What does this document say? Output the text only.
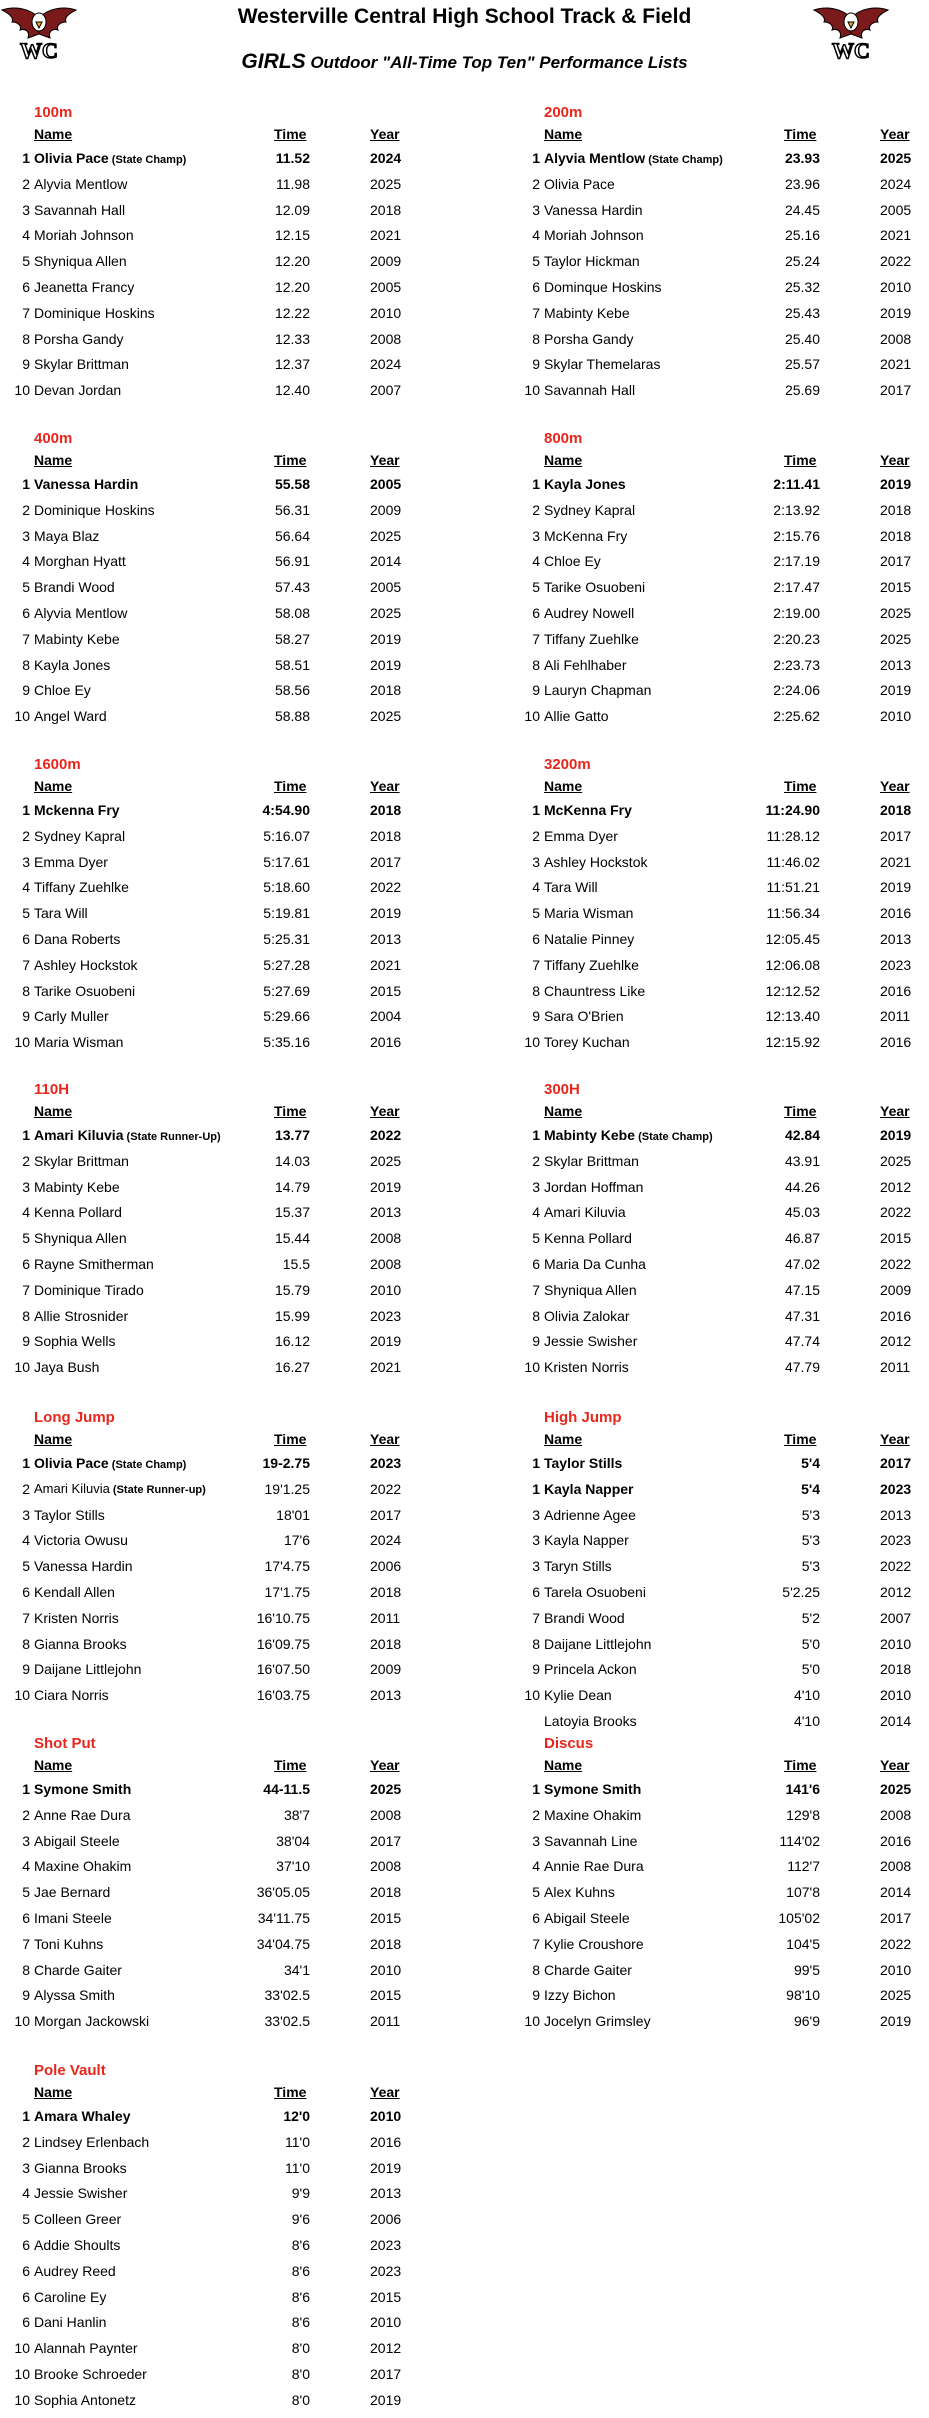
Westerville Central High School Track & Field
GIRLS Outdoor "All-Time Top Ten" Performance Lists
WC	WC
100m
Name	Time	Year
1 Olivia Pace (State Champ)	11.52	2024
2 Alyvia Mentlow	11.98	2025
3 Savannah Hall	12.09	2018
4 Moriah Johnson	12.15	2021
5 Shyniqua Allen	12.20	2009
6 Jeanetta Francy	12.20	2005
7 Dominique Hoskins	12.22	2010
8 Porsha Gandy	12.33	2008
9 Skylar Brittman	12.37	2024
10 Devan Jordan	12.40	2007
200m
Name	Time	Year
1 Alyvia Mentlow (State Champ)	23.93	2025
2 Olivia Pace	23.96	2024
3 Vanessa Hardin	24.45	2005
4 Moriah Johnson	25.16	2021
5 Taylor Hickman	25.24	2022
6 Dominque Hoskins	25.32	2010
7 Mabinty Kebe	25.43	2019
8 Porsha Gandy	25.40	2008
9 Skylar Themelaras	25.57	2021
10 Savannah Hall	25.69	2017
400m
Name	Time	Year
1 Vanessa Hardin	55.58	2005
2 Dominique Hoskins	56.31	2009
3 Maya Blaz	56.64	2025
4 Morghan Hyatt	56.91	2014
5 Brandi Wood	57.43	2005
6 Alyvia Mentlow	58.08	2025
7 Mabinty Kebe	58.27	2019
8 Kayla Jones	58.51	2019
9 Chloe Ey	58.56	2018
10 Angel Ward	58.88	2025
800m
Name	Time	Year
1 Kayla Jones	2:11.41	2019
2 Sydney Kapral	2:13.92	2018
3 McKenna Fry	2:15.76	2018
4 Chloe Ey	2:17.19	2017
5 Tarike Osuobeni	2:17.47	2015
6 Audrey Nowell	2:19.00	2025
7 Tiffany Zuehlke	2:20.23	2025
8 Ali Fehlhaber	2:23.73	2013
9 Lauryn Chapman	2:24.06	2019
10 Allie Gatto	2:25.62	2010
1600m
Name	Time	Year
1 Mckenna Fry	4:54.90	2018
2 Sydney Kapral	5:16.07	2018
3 Emma Dyer	5:17.61	2017
4 Tiffany Zuehlke	5:18.60	2022
5 Tara Will	5:19.81	2019
6 Dana Roberts	5:25.31	2013
7 Ashley Hockstok	5:27.28	2021
8 Tarike Osuobeni	5:27.69	2015
9 Carly Muller	5:29.66	2004
10 Maria Wisman	5:35.16	2016
3200m
Name	Time	Year
1 McKenna Fry	11:24.90	2018
2 Emma Dyer	11:28.12	2017
3 Ashley Hockstok	11:46.02	2021
4 Tara Will	11:51.21	2019
5 Maria Wisman	11:56.34	2016
6 Natalie Pinney	12:05.45	2013
7 Tiffany Zuehlke	12:06.08	2023
8 Chauntress Like	12:12.52	2016
9 Sara O'Brien	12:13.40	2011
10 Torey Kuchan	12:15.92	2016
110H
Name	Time	Year
1 Amari Kiluvia (State Runner-Up)	13.77	2022
2 Skylar Brittman	14.03	2025
3 Mabinty Kebe	14.79	2019
4 Kenna Pollard	15.37	2013
5 Shyniqua Allen	15.44	2008
6 Rayne Smitherman	15.5	2008
7 Dominique Tirado	15.79	2010
8 Allie Strosnider	15.99	2023
9 Sophia Wells	16.12	2019
10 Jaya Bush	16.27	2021
300H
Name	Time	Year
1 Mabinty Kebe (State Champ)	42.84	2019
2 Skylar Brittman	43.91	2025
3 Jordan Hoffman	44.26	2012
4 Amari Kiluvia	45.03	2022
5 Kenna Pollard	46.87	2015
6 Maria Da Cunha	47.02	2022
7 Shyniqua Allen	47.15	2009
8 Olivia Zalokar	47.31	2016
9 Jessie Swisher	47.74	2012
10 Kristen Norris	47.79	2011
Long Jump
Name	Time	Year
1 Olivia Pace (State Champ)	19-2.75	2023
2 Amari Kiluvia (State Runner-up)	19'1.25	2022
3 Taylor Stills	18'01	2017
4 Victoria Owusu	17'6	2024
5 Vanessa Hardin	17'4.75	2006
6 Kendall Allen	17'1.75	2018
7 Kristen Norris	16'10.75	2011
8 Gianna Brooks	16'09.75	2018
9 Daijane Littlejohn	16'07.50	2009
10 Ciara Norris	16'03.75	2013
High Jump
Name	Time	Year
1 Taylor Stills	5'4	2017
1 Kayla Napper	5'4	2023
3 Adrienne Agee	5'3	2013
3 Kayla Napper	5'3	2023
3 Taryn Stills	5'3	2022
6 Tarela Osuobeni	5'2.25	2012
7 Brandi Wood	5'2	2007
8 Daijane Littlejohn	5'0	2010
9 Princela Ackon	5'0	2018
10 Kylie Dean	4'10	2010
Latoyia Brooks	4'10	2014
Shot Put
Name	Time	Year
1 Symone Smith	44-11.5	2025
2 Anne Rae Dura	38'7	2008
3 Abigail Steele	38'04	2017
4 Maxine Ohakim	37'10	2008
5 Jae Bernard	36'05.05	2018
6 Imani Steele	34'11.75	2015
7 Toni Kuhns	34'04.75	2018
8 Charde Gaiter	34'1	2010
9 Alyssa Smith	33'02.5	2015
10 Morgan Jackowski	33'02.5	2011
Discus
Name	Time	Year
1 Symone Smith	141'6	2025
2 Maxine Ohakim	129'8	2008
3 Savannah Line	114'02	2016
4 Annie Rae Dura	112'7	2008
5 Alex Kuhns	107'8	2014
6 Abigail Steele	105'02	2017
7 Kylie Croushore	104'5	2022
8 Charde Gaiter	99'5	2010
9 Izzy Bichon	98'10	2025
10 Jocelyn Grimsley	96'9	2019
Pole Vault
Name	Time	Year
1 Amara Whaley	12'0	2010
2 Lindsey Erlenbach	11'0	2016
3 Gianna Brooks	11'0	2019
4 Jessie Swisher	9'9	2013
5 Colleen Greer	9'6	2006
6 Addie Shoults	8'6	2023
6 Audrey Reed	8'6	2023
6 Caroline Ey	8'6	2015
6 Dani Hanlin	8'6	2010
10 Alannah Paynter	8'0	2012
10 Brooke Schroeder	8'0	2017
10 Sophia Antonetz	8'0	2019
